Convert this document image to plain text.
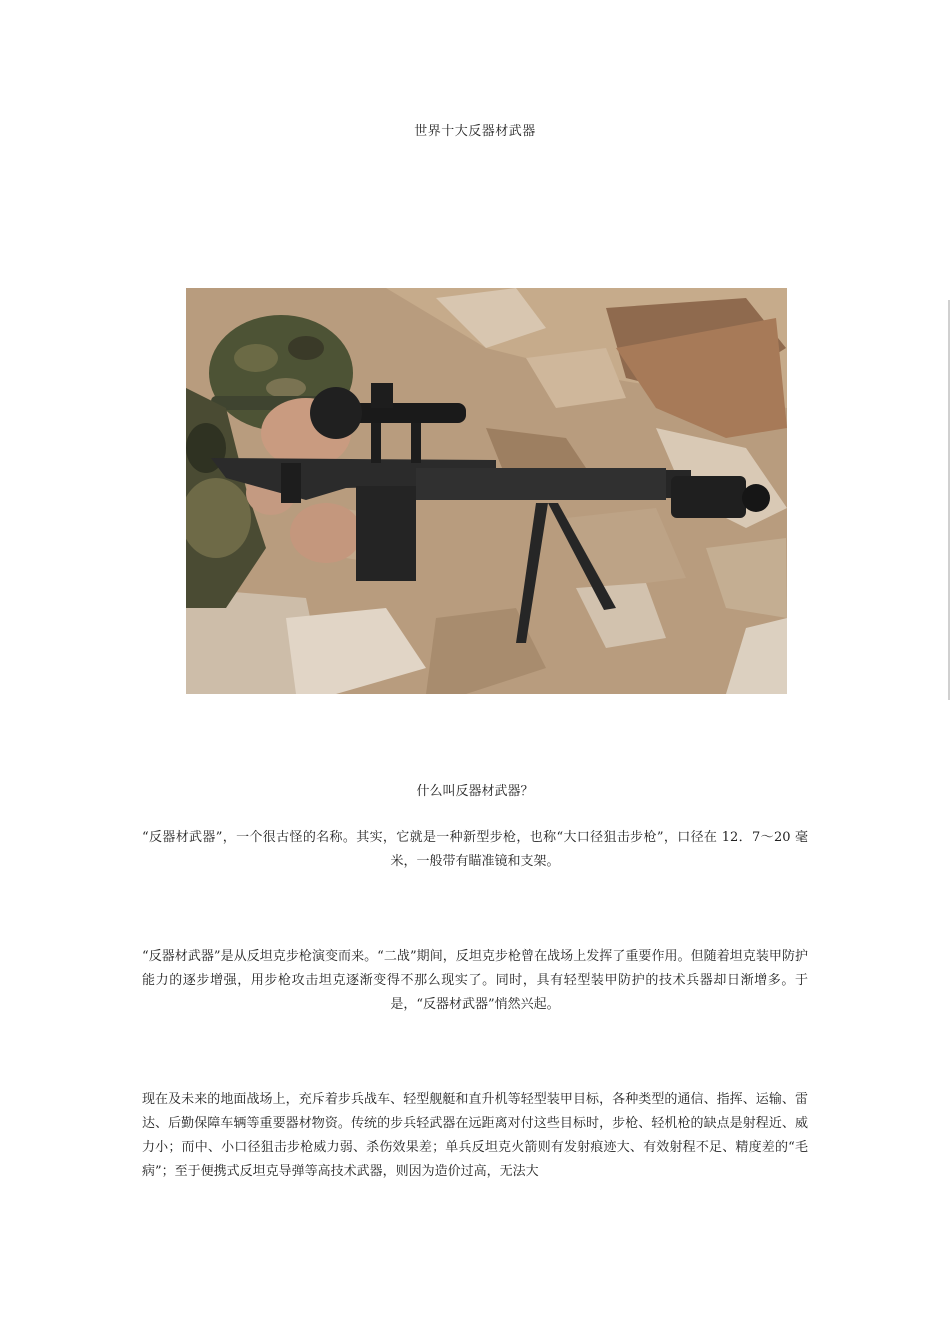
世界十大反器材武器
什么叫反器材武器？
“反器材武器”，一个很古怪的名称。其实，它就是一种新型步枪，也称“大口径狙击步枪”，口径在 12．7～20 毫米，一般带有瞄准镜和支架。
“反器材武器”是从反坦克步枪演变而来。“二战”期间，反坦克步枪曾在战场上发挥了重要作用。但随着坦克装甲防护能力的逐步增强，用步枪攻击坦克逐渐变得不那么现实了。同时，具有轻型装甲防护的技术兵器却日渐增多。于是，“反器材武器”悄然兴起。
现在及未来的地面战场上，充斥着步兵战车、轻型舰艇和直升机等轻型装甲目标，各种类型的通信、指挥、运输、雷达、后勤保障车辆等重要器材物资。传统的步兵轻武器在远距离对付这些目标时，步枪、轻机枪的缺点是射程近、威力小；而中、小口径狙击步枪威力弱、杀伤效果差；单兵反坦克火箭则有发射痕迹大、有效射程不足、精度差的“毛病”；至于便携式反坦克导弹等高技术武器，则因为造价过高，无法大
